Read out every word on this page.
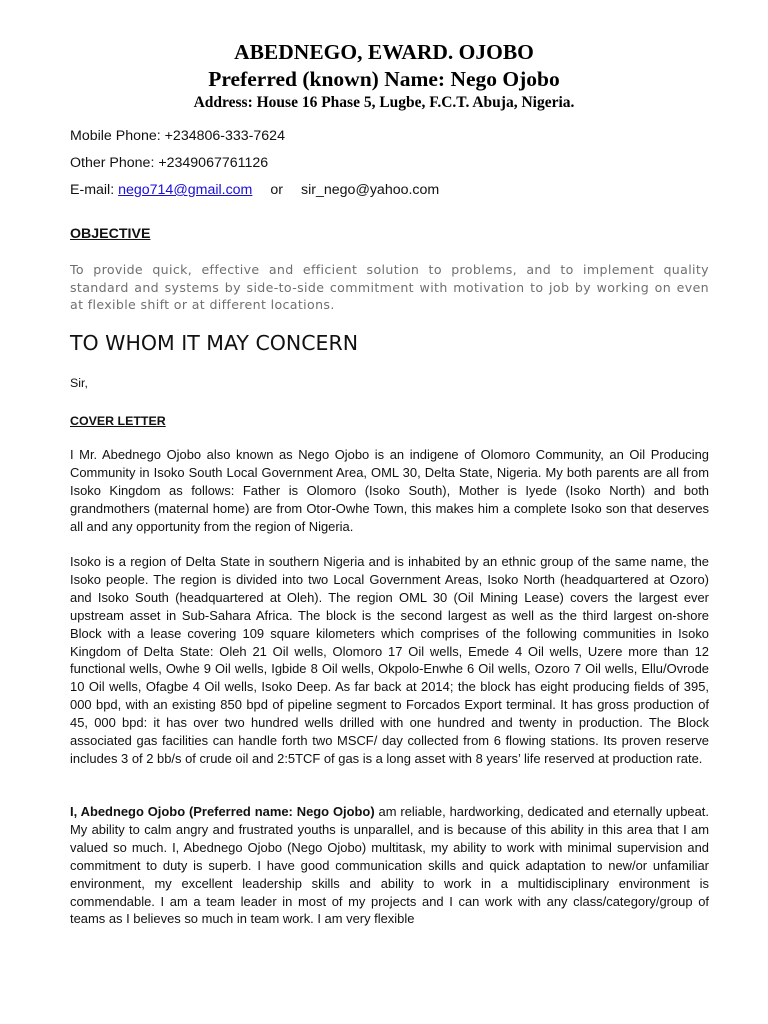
ABEDNEGO, EWARD. OJOBO
Preferred (known) Name: Nego Ojobo
Address: House 16 Phase 5, Lugbe, F.C.T. Abuja, Nigeria.
Mobile Phone: +234806-333-7624
Other Phone: +2349067761126
E-mail: nego714@gmail.com or sir_nego@yahoo.com
OBJECTIVE
To provide quick, effective and efficient solution to problems, and to implement quality standard and systems by side-to-side commitment with motivation to job by working on even at flexible shift or at different locations.
TO WHOM IT MAY CONCERN
Sir,
COVER LETTER
I Mr. Abednego Ojobo also known as Nego Ojobo is an indigene of Olomoro Community, an Oil Producing Community in Isoko South Local Government Area, OML 30, Delta State, Nigeria. My both parents are all from Isoko Kingdom as follows: Father is Olomoro (Isoko South), Mother is Iyede (Isoko North) and both grandmothers (maternal home) are from Otor-Owhe Town, this makes him a complete Isoko son that deserves all and any opportunity from the region of Nigeria.
Isoko is a region of Delta State in southern Nigeria and is inhabited by an ethnic group of the same name, the Isoko people. The region is divided into two Local Government Areas, Isoko North (headquartered at Ozoro) and Isoko South (headquartered at Oleh). The region OML 30 (Oil Mining Lease) covers the largest ever upstream asset in Sub-Sahara Africa. The block is the second largest as well as the third largest on-shore Block with a lease covering 109 square kilometers which comprises of the following communities in Isoko Kingdom of Delta State: Oleh 21 Oil wells, Olomoro 17 Oil wells, Emede 4 Oil wells, Uzere more than 12 functional wells, Owhe 9 Oil wells, Igbide 8 Oil wells, Okpolo-Enwhe 6 Oil wells, Ozoro 7 Oil wells, Ellu/Ovrode 10 Oil wells, Ofagbe 4 Oil wells, Isoko Deep. As far back at 2014; the block has eight producing fields of 395, 000 bpd, with an existing 850 bpd of pipeline segment to Forcados Export terminal. It has gross production of 45, 000 bpd: it has over two hundred wells drilled with one hundred and twenty in production. The Block associated gas facilities can handle forth two MSCF/ day collected from 6 flowing stations. Its proven reserve includes 3 of 2 bb/s of crude oil and 2:5TCF of gas is a long asset with 8 years’ life reserved at production rate.
I, Abednego Ojobo (Preferred name: Nego Ojobo) am reliable, hardworking, dedicated and eternally upbeat. My ability to calm angry and frustrated youths is unparallel, and is because of this ability in this area that I am valued so much. I, Abednego Ojobo (Nego Ojobo) multitask, my ability to work with minimal supervision and commitment to duty is superb. I have good communication skills and quick adaptation to new/or unfamiliar environment, my excellent leadership skills and ability to work in a multidisciplinary environment is commendable. I am a team leader in most of my projects and I can work with any class/category/group of teams as I believes so much in team work. I am very flexible
